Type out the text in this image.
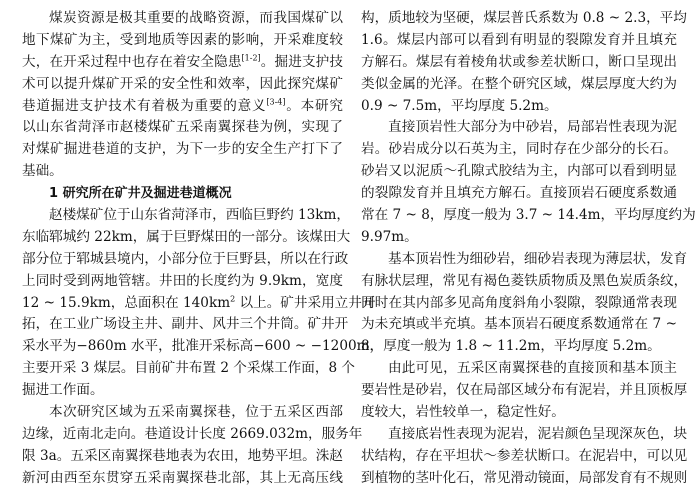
煤炭资源是极其重要的战略资源，而我国煤矿以
地下煤矿为主，受到地质等因素的影响，开采难度较
大，在开采过程中也存在着安全隐患[1-2]。掘进支护技
术可以提升煤矿开采的安全性和效率，因此探究煤矿
巷道掘进支护技术有着极为重要的意义[3-4]。本研究
以山东省菏泽市赵楼煤矿五采南翼探巷为例，实现了
对煤矿掘进巷道的支护，为下一步的安全生产打下了
基础。
1 研究所在矿井及掘进巷道概况
赵楼煤矿位于山东省菏泽市，西临巨野约 13km，
东临郓城约 22km，属于巨野煤田的一部分。该煤田大
部分位于郓城县境内，小部分位于巨野县，所以在行政
上同时受到两地管辖。井田的长度约为 9.9km，宽度
12 ~ 15.9km，总面积在 $140km^2$ 以上。矿井采用立井开
拓，在工业广场设主井、副井、风井三个井筒。矿井开
采水平为−860m 水平，批准开采标高−600 ~ −1200m，
主要开采 3 煤层。目前矿井布置 2 个采煤工作面，8 个
掘进工作面。
本次研究区域为五采南翼探巷，位于五采区西部
边缘，近南北走向。巷道设计长度 2669.032m，服务年
限 3a。五采区南翼探巷地表为农田，地势平坦。洙赵
新河由西至东贯穿五采南翼探巷北部，其上无高压线
构，质地较为坚硬，煤层普氏系数为 0.8 ~ 2.3，平均
1.6。煤层内部可以看到有明显的裂隙发育并且填充
方解石。煤层有着棱角状或参差状断口，断口呈现出
类似金属的光泽。在整个研究区域，煤层厚度大约为
0.9 ~ 7.5m，平均厚度 5.2m。
直接顶岩性大部分为中砂岩，局部岩性表现为泥
岩。砂岩成分以石英为主，同时存在少部分的长石。
砂岩又以泥质～孔隙式胶结为主，内部可以看到明显
的裂隙发育并且填充方解石。直接顶岩石硬度系数通
常在 7 ~ 8，厚度一般为 3.7 ~ 14.4m，平均厚度约为
9.97m。
基本顶岩性为细砂岩，细砂岩表现为薄层状，发育
有脉状层理，常见有褐色菱铁质物质及黑色炭质条纹，
同时在其内部多见高角度斜角小裂隙，裂隙通常表现
为未充填或半充填。基本顶岩石硬度系数通常在 7 ~
8，厚度一般为 1.8 ~ 11.2m，平均厚度 5.2m。
由此可见，五采区南翼探巷的直接顶和基本顶主
要岩性是砂岩，仅在局部区域分布有泥岩，并且顶板厚
度较大，岩性较单一，稳定性好。
直接底岩性表现为泥岩，泥岩颜色呈现深灰色，块
状结构，存在平坦状～参差状断口。在泥岩中，可以见
到植物的茎叶化石，常见滑动镜面，局部发育有不规则
